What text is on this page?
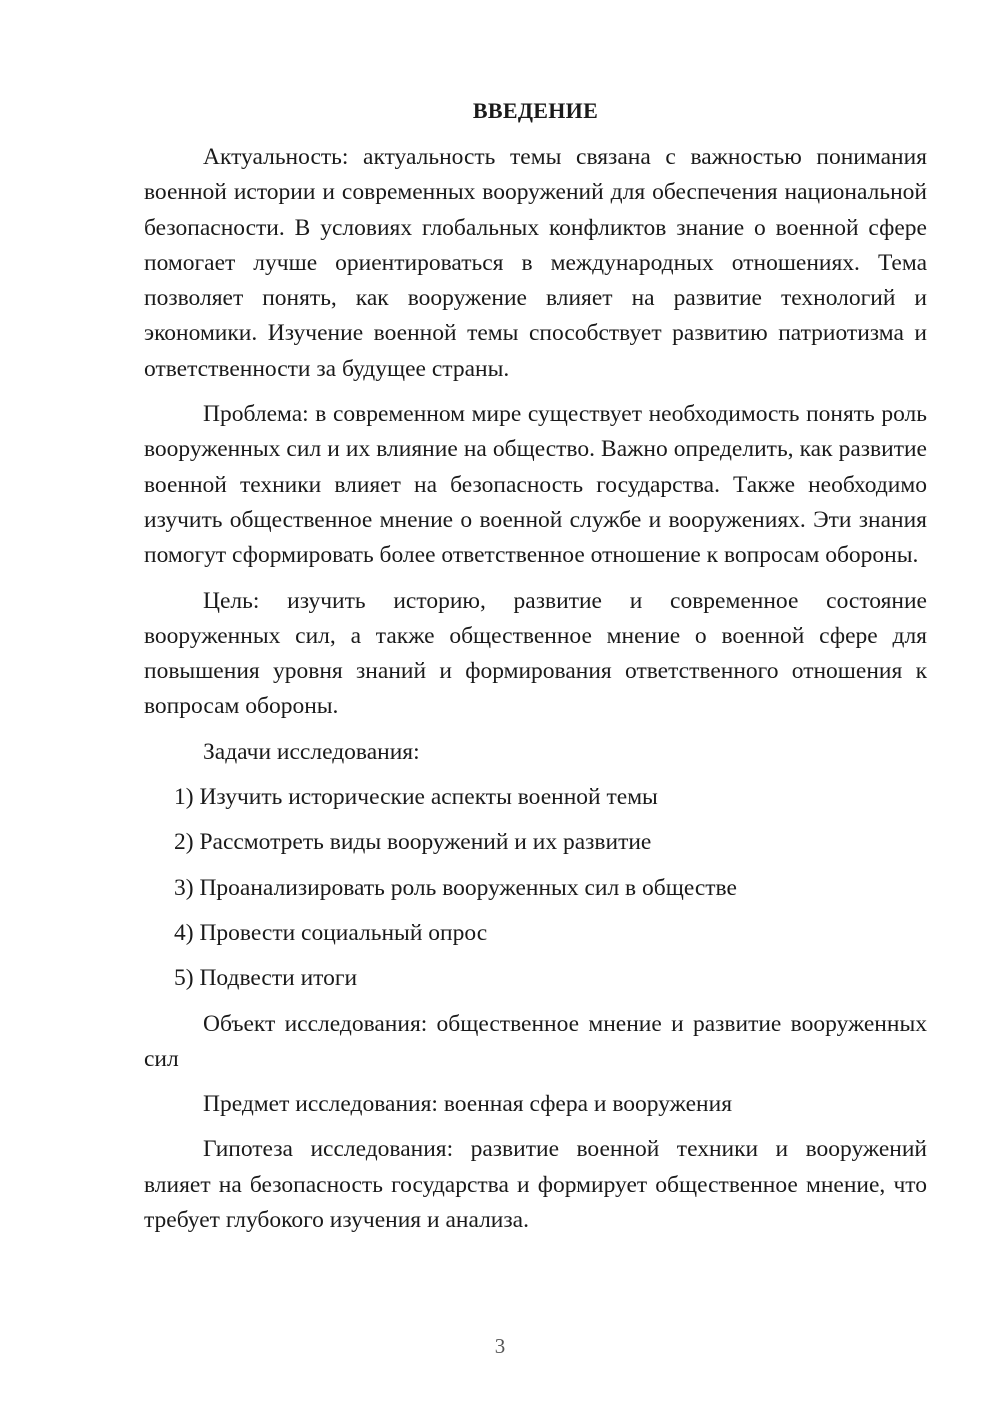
ВВЕДЕНИЕ

Актуальность: актуальность темы связана с важностью понимания военной истории и современных вооружений для обеспечения национальной безопасности. В условиях глобальных конфликтов знание о военной сфере помогает лучше ориентироваться в международных отношениях. Тема позволяет понять, как вооружение влияет на развитие технологий и экономики. Изучение военной темы способствует развитию патриотизма и ответственности за будущее страны.

Проблема: в современном мире существует необходимость понять роль вооруженных сил и их влияние на общество. Важно определить, как развитие военной техники влияет на безопасность государства. Также необходимо изучить общественное мнение о военной службе и вооружениях. Эти знания помогут сформировать более ответственное отношение к вопросам обороны.

Цель: изучить историю, развитие и современное состояние вооруженных сил, а также общественное мнение о военной сфере для повышения уровня знаний и формирования ответственного отношения к вопросам обороны.

Задачи исследования:

1) Изучить исторические аспекты военной темы
2) Рассмотреть виды вооружений и их развитие
3) Проанализировать роль вооруженных сил в обществе
4) Провести социальный опрос
5) Подвести итоги

Объект исследования: общественное мнение и развитие вооруженных сил

Предмет исследования: военная сфера и вооружения

Гипотеза исследования: развитие военной техники и вооружений влияет на безопасность государства и формирует общественное мнение, что требует глубокого изучения и анализа.

3
